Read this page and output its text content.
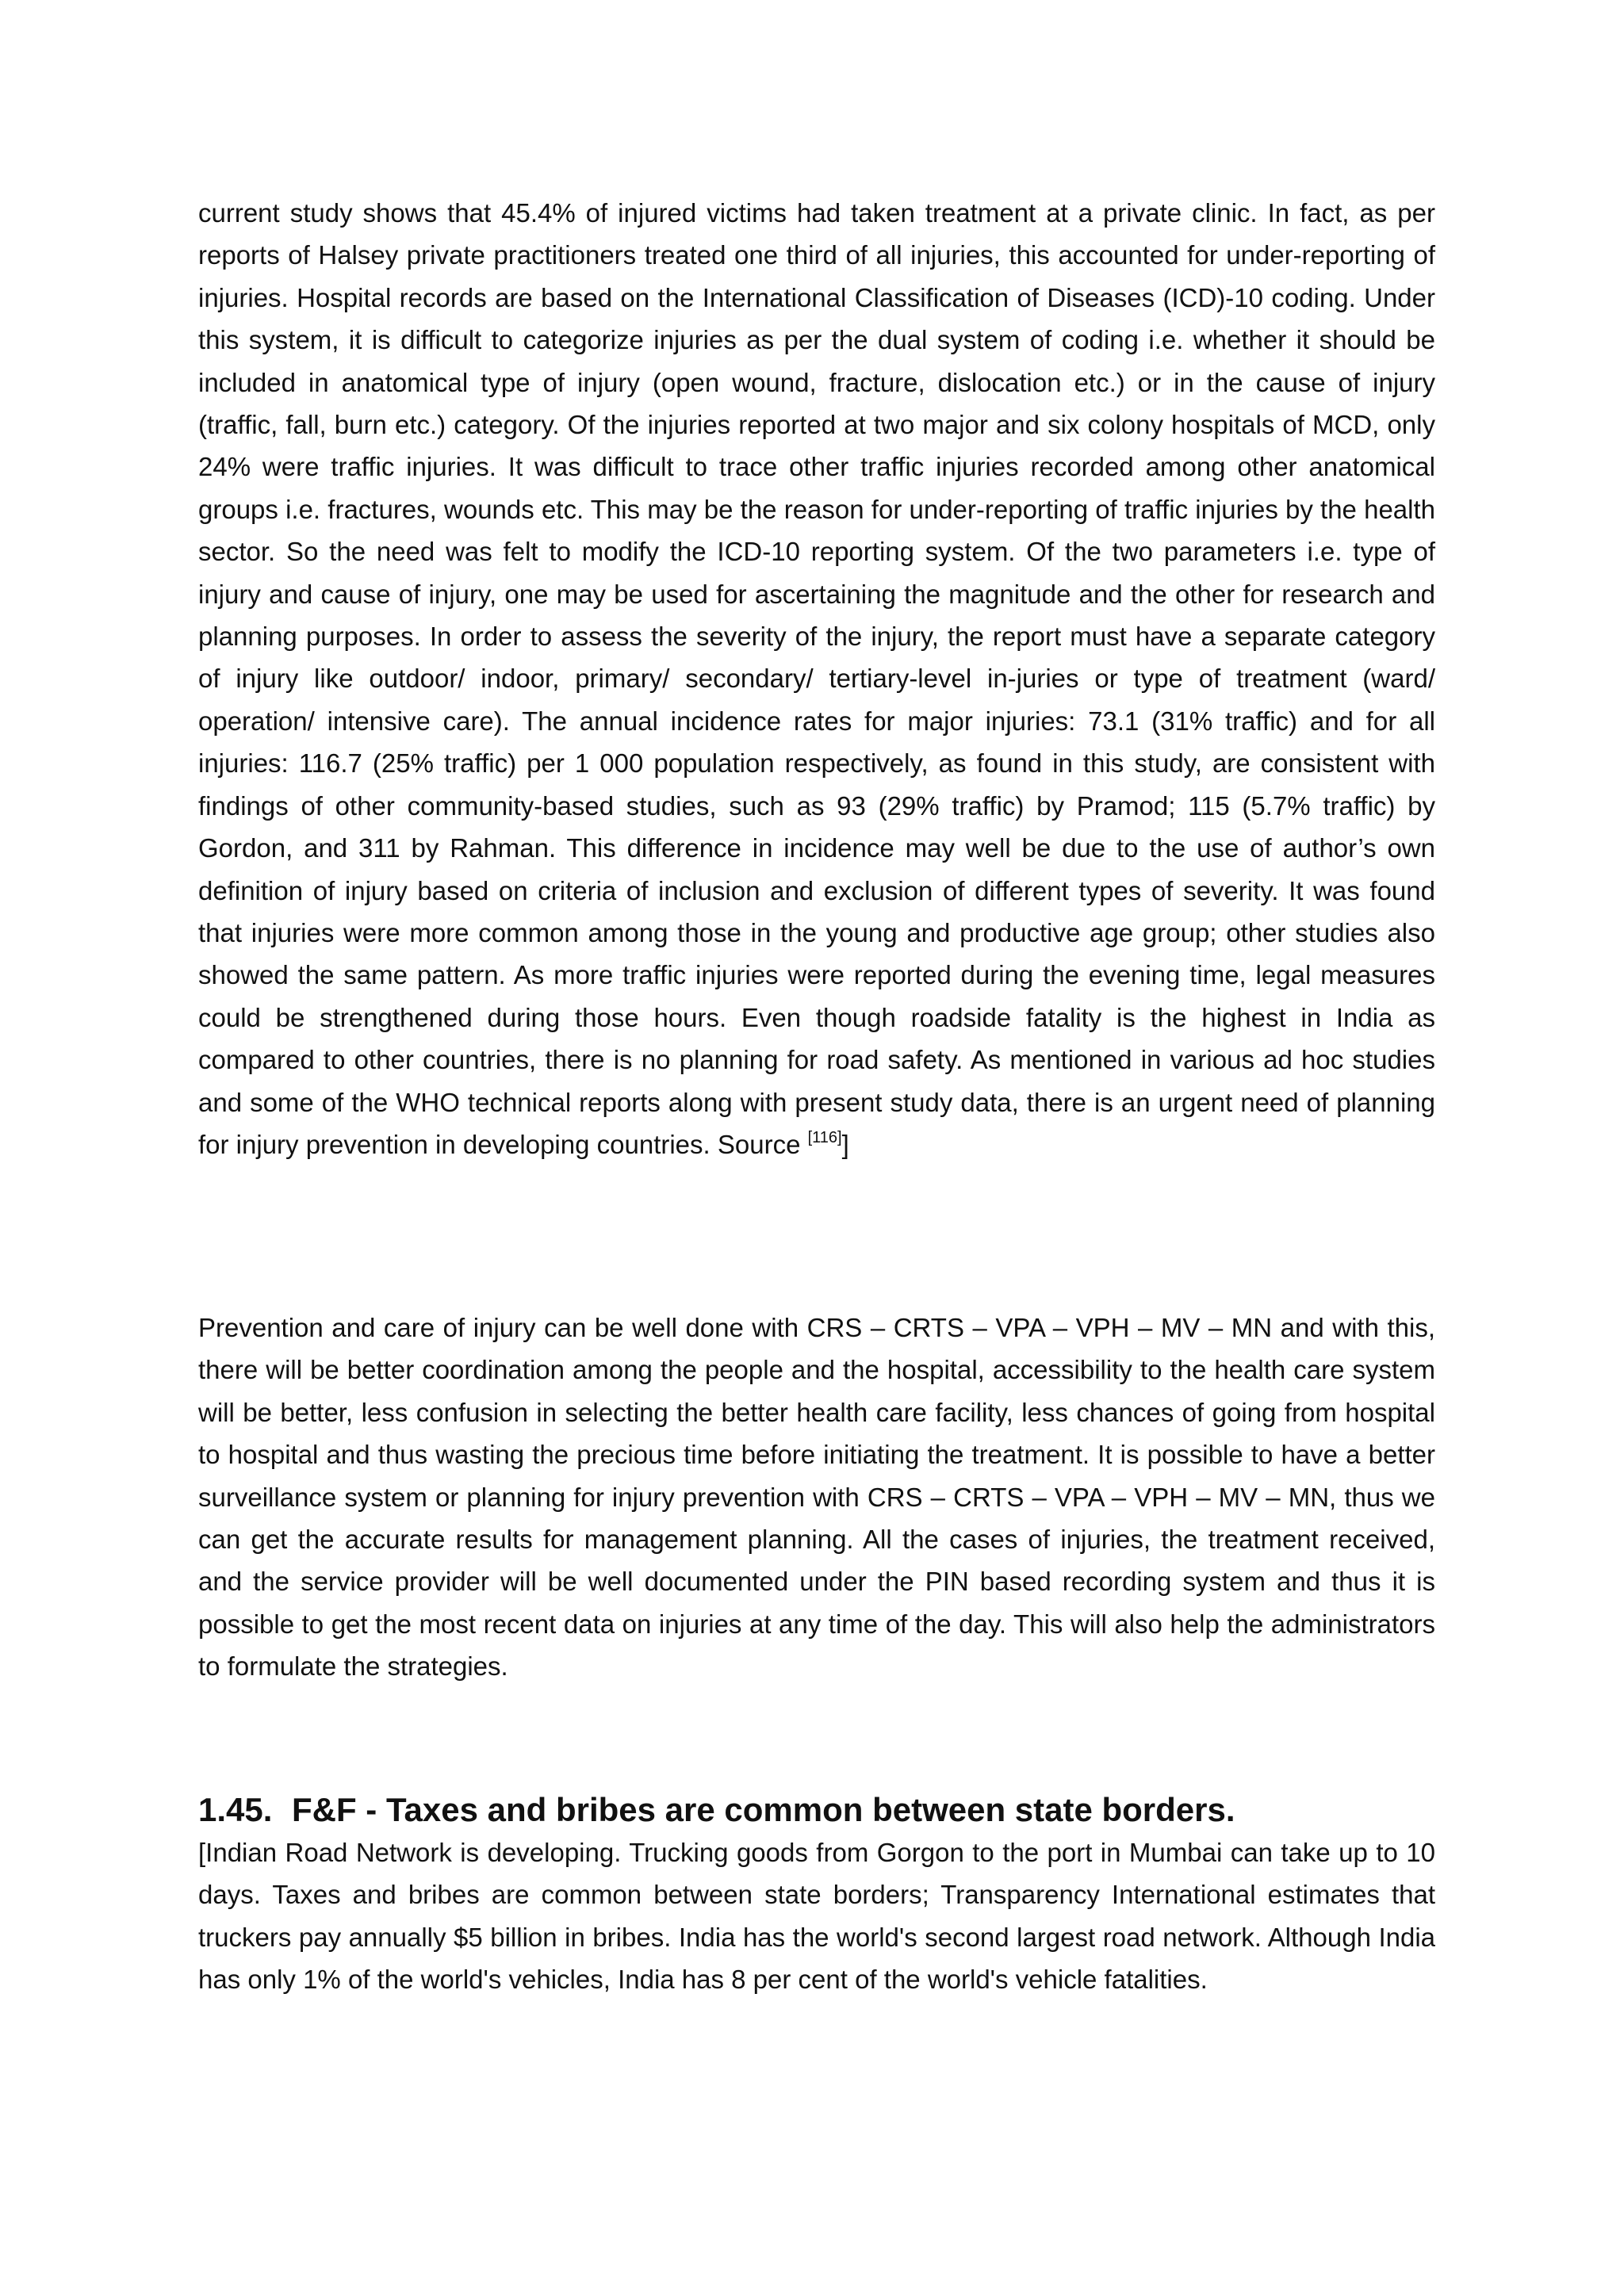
current study shows that 45.4% of injured victims had taken treatment at a private clinic. In fact, as per reports of Halsey private practitioners treated one third of all injuries, this accounted for under-reporting of injuries. Hospital records are based on the International Classification of Diseases (ICD)-10 coding. Under this system, it is difficult to categorize injuries as per the dual system of coding i.e. whether it should be included in anatomical type of injury (open wound, fracture, dislocation etc.) or in the cause of injury (traffic, fall, burn etc.) category. Of the injuries reported at two major and six colony hospitals of MCD, only 24% were traffic injuries. It was difficult to trace other traffic injuries recorded among other anatomical groups i.e. fractures, wounds etc. This may be the reason for under-reporting of traffic injuries by the health sector. So the need was felt to modify the ICD-10 reporting system. Of the two parameters i.e. type of injury and cause of injury, one may be used for ascertaining the magnitude and the other for research and planning purposes. In order to assess the severity of the injury, the report must have a separate category of injury like outdoor/ indoor, primary/ secondary/ tertiary-level in-juries or type of treatment (ward/ operation/ intensive care). The annual incidence rates for major injuries: 73.1 (31% traffic) and for all injuries: 116.7 (25% traffic) per 1 000 population respectively, as found in this study, are consistent with findings of other community-based studies, such as 93 (29% traffic) by Pramod; 115 (5.7% traffic) by Gordon, and 311 by Rahman. This difference in incidence may well be due to the use of author’s own definition of injury based on criteria of inclusion and exclusion of different types of severity. It was found that injuries were more common among those in the young and productive age group; other studies also showed the same pattern. As more traffic injuries were reported during the evening time, legal measures could be strengthened during those hours. Even though roadside fatality is the highest in India as compared to other countries, there is no planning for road safety. As mentioned in various ad hoc studies and some of the WHO technical reports along with present study data, there is an urgent need of planning for injury prevention in developing countries. Source [116]]

Prevention and care of injury can be well done with CRS – CRTS – VPA – VPH – MV – MN and with this, there will be better coordination among the people and the hospital, accessibility to the health care system will be better, less confusion in selecting the better health care facility, less chances of going from hospital to hospital and thus wasting the precious time before initiating the treatment. It is possible to have a better surveillance system or planning for injury prevention with CRS – CRTS – VPA – VPH – MV – MN, thus we can get the accurate results for management planning. All the cases of injuries, the treatment received, and the service provider will be well documented under the PIN based recording system and thus it is possible to get the most recent data on injuries at any time of the day. This will also help the administrators to formulate the strategies.

1.45. F&F - Taxes and bribes are common between state borders.

[Indian Road Network is developing. Trucking goods from Gorgon to the port in Mumbai can take up to 10 days. Taxes and bribes are common between state borders; Transparency International estimates that truckers pay annually $5 billion in bribes. India has the world's second largest road network. Although India has only 1% of the world's vehicles, India has 8 per cent of the world's vehicle fatalities.
